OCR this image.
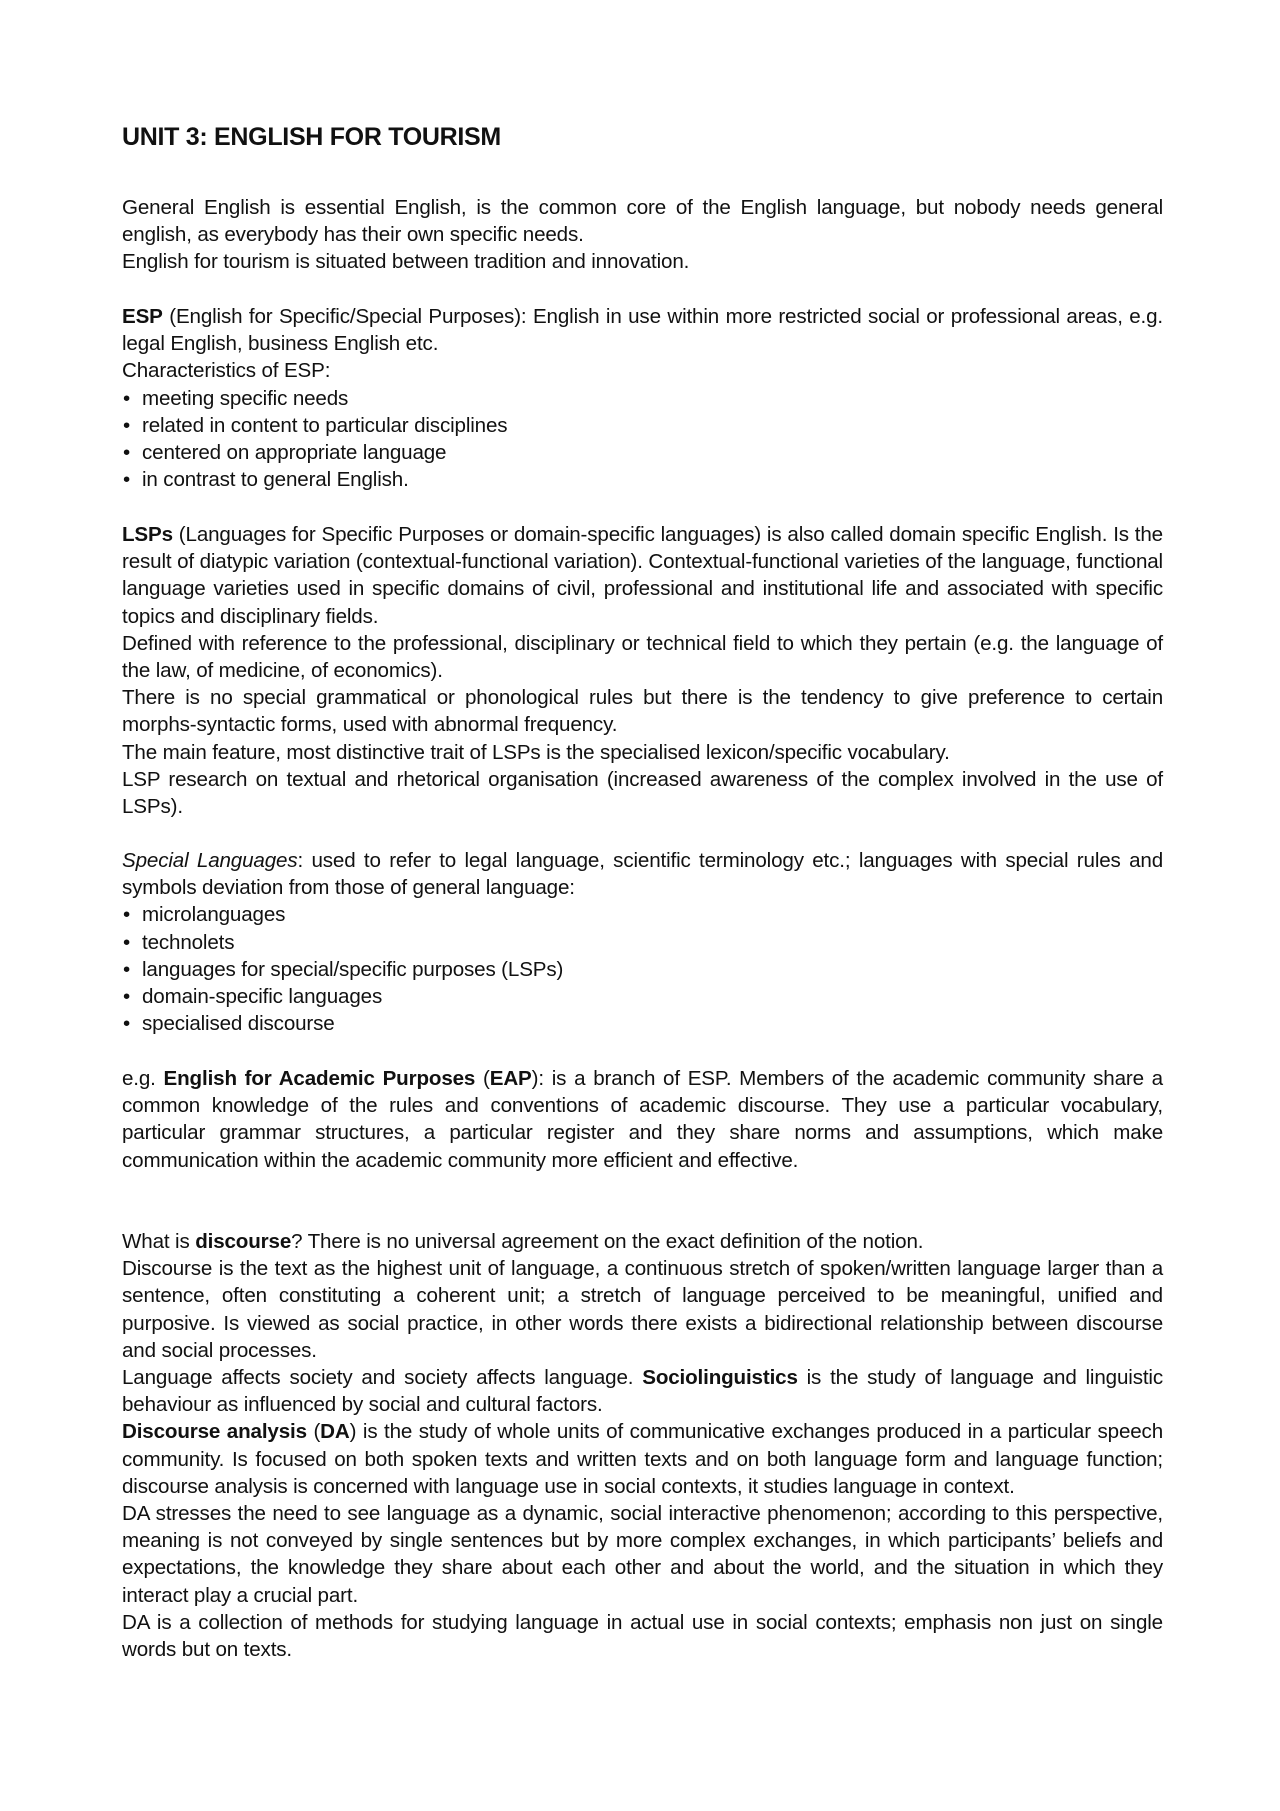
UNIT 3: ENGLISH FOR TOURISM

General English is essential English, is the common core of the English language, but nobody needs general english, as everybody has their own specific needs.

English for tourism is situated between tradition and innovation.

ESP (English for Specific/Special Purposes): English in use within more restricted social or professional areas, e.g. legal English, business English etc.

Characteristics of ESP:

• meeting specific needs
• related in content to particular disciplines
• centered on appropriate language
• in contrast to general English.

LSPs (Languages for Specific Purposes or domain-specific languages) is also called domain specific English. Is the result of diatypic variation (contextual-functional variation). Contextual-functional varieties of the language, functional language varieties used in specific domains of civil, professional and institutional life and associated with specific topics and disciplinary fields.

Defined with reference to the professional, disciplinary or technical field to which they pertain (e.g. the language of the law, of medicine, of economics).

There is no special grammatical or phonological rules but there is the tendency to give preference to certain morphs-syntactic forms, used with abnormal frequency.

The main feature, most distinctive trait of LSPs is the specialised lexicon/specific vocabulary.

LSP research on textual and rhetorical organisation (increased awareness of the complex involved in the use of LSPs).

Special Languages: used to refer to legal language, scientific terminology etc.; languages with special rules and symbols deviation from those of general language:

• microlanguages
• technolets
• languages for special/specific purposes (LSPs)
• domain-specific languages
• specialised discourse

e.g. English for Academic Purposes (EAP): is a branch of ESP. Members of the academic community share a common knowledge of the rules and conventions of academic discourse. They use a particular vocabulary, particular grammar structures, a particular register and they share norms and assumptions, which make communication within the academic community more efficient and effective.

What is discourse? There is no universal agreement on the exact definition of the notion.

Discourse is the text as the highest unit of language, a continuous stretch of spoken/written language larger than a sentence, often constituting a coherent unit; a stretch of language perceived to be meaningful, unified and purposive. Is viewed as social practice, in other words there exists a bidirectional relationship between discourse and social processes.

Language affects society and society affects language. Sociolinguistics is the study of language and linguistic behaviour as influenced by social and cultural factors.

Discourse analysis (DA) is the study of whole units of communicative exchanges produced in a particular speech community. Is focused on both spoken texts and written texts and on both language form and language function; discourse analysis is concerned with language use in social contexts, it studies language in context.

DA stresses the need to see language as a dynamic, social interactive phenomenon; according to this perspective, meaning is not conveyed by single sentences but by more complex exchanges, in which participants’ beliefs and expectations, the knowledge they share about each other and about the world, and the situation in which they interact play a crucial part.

DA is a collection of methods for studying language in actual use in social contexts; emphasis non just on single words but on texts.
